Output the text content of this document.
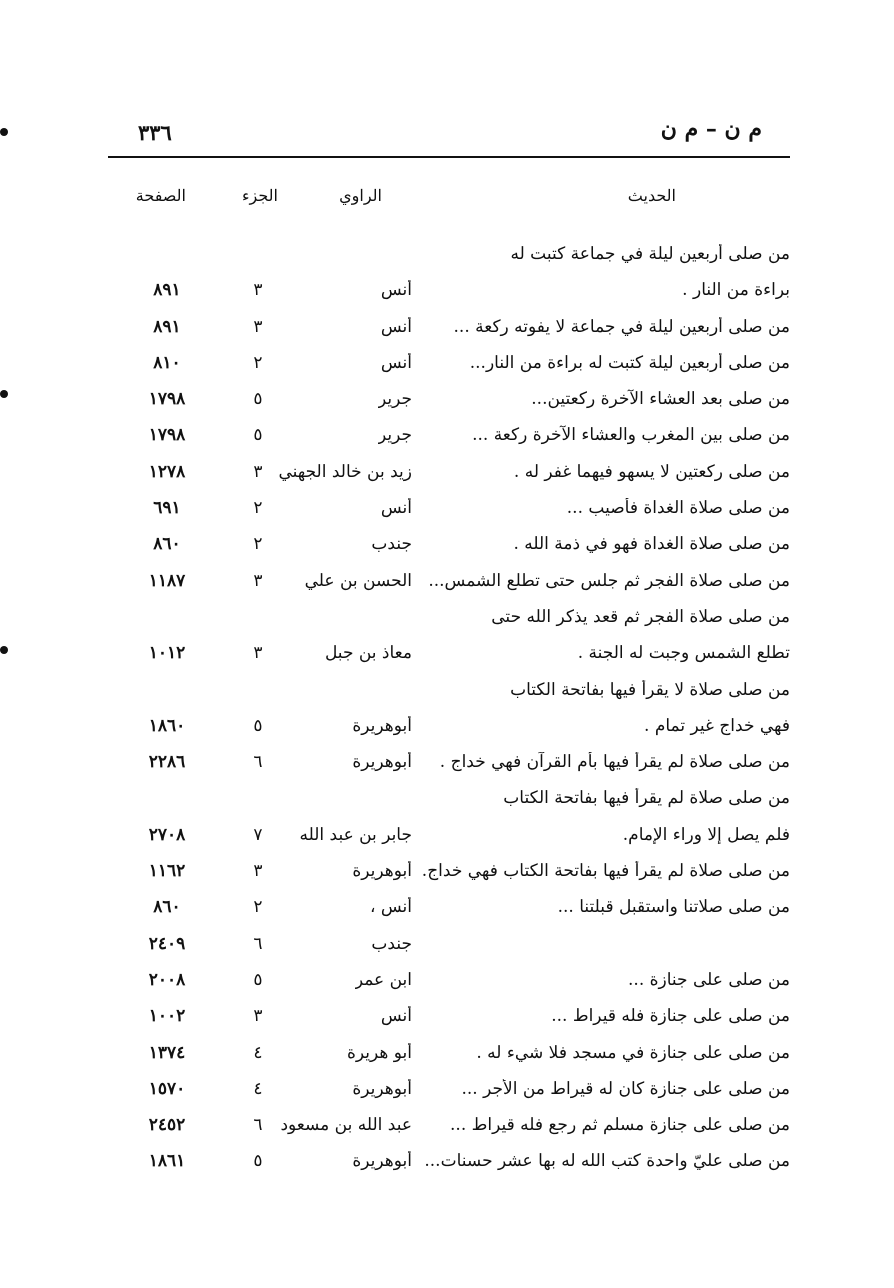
٣٣٦	م ن – م ن
الحديث
الراوي
الجزء
الصفحة
من صلى أربعين ليلة في جماعة كتبت له
براءة من النار .
أنس
٣
٨٩١
من صلى أربعين ليلة في جماعة لا يفوته ركعة ...
أنس
٣
٨٩١
من صلى أربعين ليلة كتبت له براءة من النار...
أنس
٢
٨١٠
من صلى بعد العشاء الآخرة ركعتين...
جرير
٥
١٧٩٨
من صلى بين المغرب والعشاء الآخرة ركعة ...
جرير
٥
١٧٩٨
من صلى ركعتين لا يسهو فيهما غفر له .
زيد بن خالد الجهني
٣
١٢٧٨
من صلى صلاة الغداة فأصيب ...
أنس
٢
٦٩١
من صلى صلاة الغداة فهو في ذمة الله .
جندب
٢
٨٦٠
من صلى صلاة الفجر ثم جلس حتى تطلع الشمس...
الحسن بن علي
٣
١١٨٧
من صلى صلاة الفجر ثم قعد يذكر الله حتى
تطلع الشمس وجبت له الجنة .
معاذ بن جبل
٣
١٠١٢
من صلى صلاة لا يقرأ فيها بفاتحة الكتاب
فهي خداج غير تمام .
أبوهريرة
٥
١٨٦٠
من صلى صلاة لم يقرأ فيها بأم القرآن فهي خداج .
أبوهريرة
٦
٢٢٨٦
من صلى صلاة لم يقرأ فيها بفاتحة الكتاب
فلم يصل إلا وراء الإمام.
جابر بن عبد الله
٧
٢٧٠٨
من صلى صلاة لم يقرأ فيها بفاتحة الكتاب فهي خداج.
أبوهريرة
٣
١١٦٢
من صلى صلاتنا واستقبل قبلتنا ...
أنس ،
٢
٨٦٠
جندب
٦
٢٤٠٩
من صلى على جنازة ...
ابن عمر
٥
٢٠٠٨
من صلى على جنازة فله قيراط ...
أنس
٣
١٠٠٢
من صلى على جنازة في مسجد فلا شيء له .
أبو هريرة
٤
١٣٧٤
من صلى على جنازة كان له قيراط من الأجر ...
أبوهريرة
٤
١٥٧٠
من صلى على جنازة مسلم ثم رجع فله قيراط ...
عبد الله بن مسعود
٦
٢٤٥٢
من صلى عليّ واحدة كتب الله له بها عشر حسنات...
أبوهريرة
٥
١٨٦١
